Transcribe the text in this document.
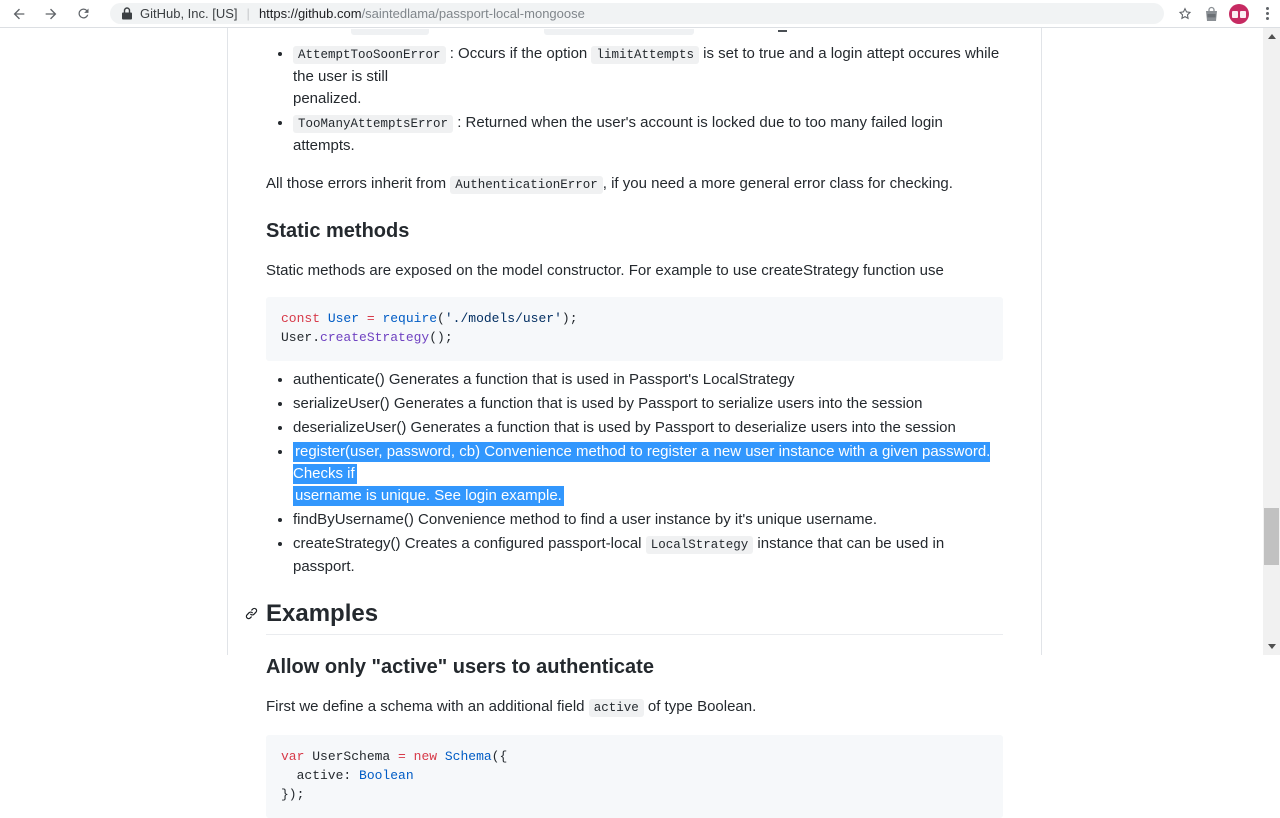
GitHub, Inc. [US] | https://github.com /saintedlama/passport-local-mongoose
• AttemptTooSoonError : Occurs if the option limitAttempts is set to true and a login attept occures while the user is still
penalized.
• TooManyAttemptsError : Returned when the user's account is locked due to too many failed login attempts.

All those errors inherit from AuthenticationError , if you need a more general error class for checking.

Static methods

Static methods are exposed on the model constructor. For example to use createStrategy function use

const User = require('./models/user');
User.createStrategy();
• authenticate() Generates a function that is used in Passport's LocalStrategy
• serializeUser() Generates a function that is used by Passport to serialize users into the session
• deserializeUser() Generates a function that is used by Passport to deserialize users into the session
• register(user, password, cb) Convenience method to register a new user instance with a given password. Checks if
username is unique. See login example.
• findByUsername() Convenience method to find a user instance by it's unique username.
• createStrategy() Creates a configured passport-local LocalStrategy instance that can be used in passport.
Examples
Allow only "active" users to authenticate

First we define a schema with an additional field active of type Boolean.

var UserSchema = new Schema({
active: Boolean
});
